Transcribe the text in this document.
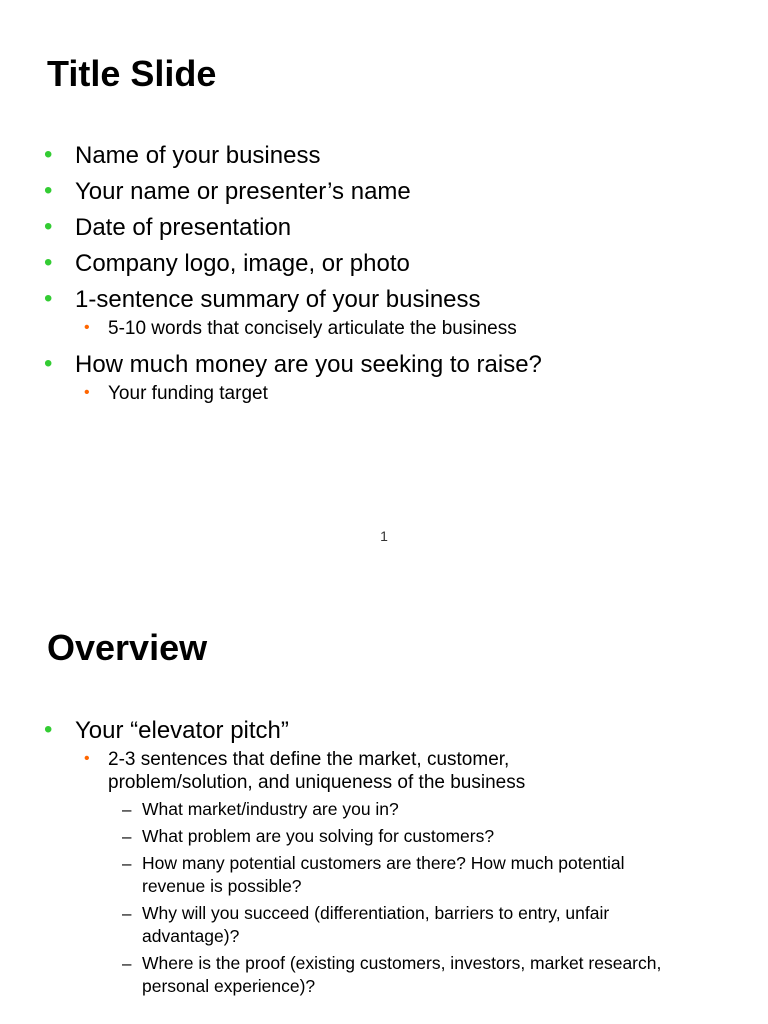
Title Slide
• Name of your business
• Your name or presenter’s name
• Date of presentation
• Company logo, image, or photo
• 1-sentence summary of your business
• 5-10 words that concisely articulate the business
• How much money are you seeking to raise?
• Your funding target
1
Overview
• Your “elevator pitch”
• 2-3 sentences that define the market, customer, problem/solution, and uniqueness of the business
– What market/industry are you in?
– What problem are you solving for customers?
– How many potential customers are there? How much potential revenue is possible?
– Why will you succeed (differentiation, barriers to entry, unfair advantage)?
– Where is the proof (existing customers, investors, market research, personal experience)?
